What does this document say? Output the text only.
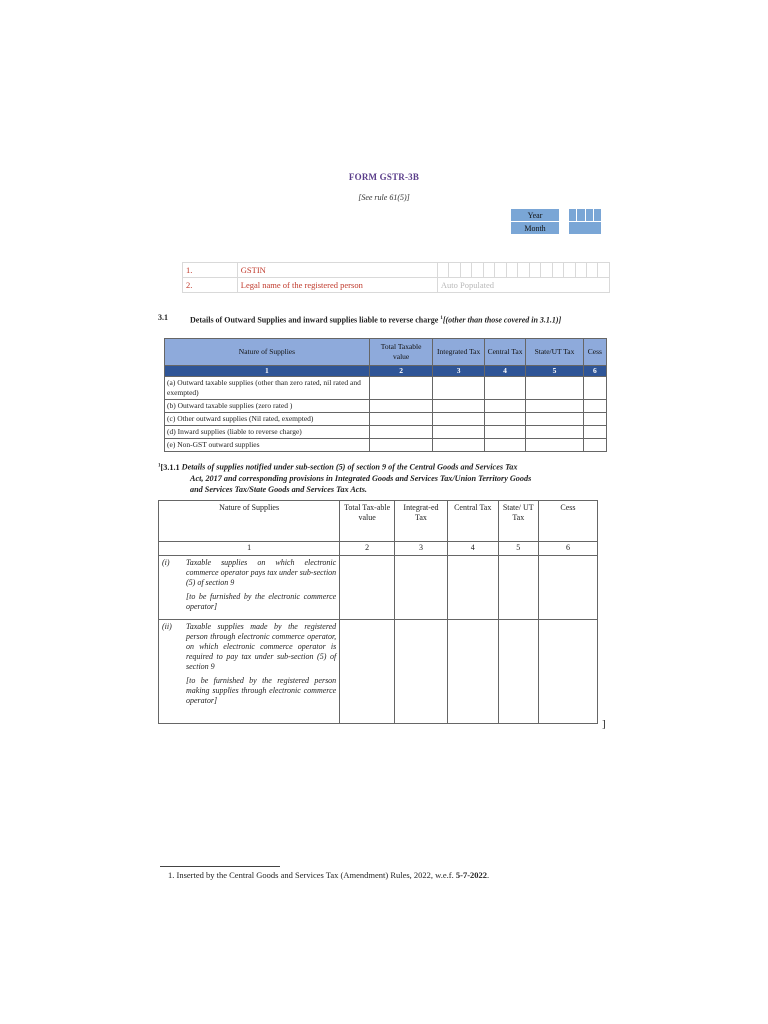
FORM GSTR-3B
[See rule 61(5)]
Year					
Month					
1.	GSTIN															
2.	Legal name of the registered person	Auto Populated														
3.1	Details of Outward Supplies and inward supplies liable to reverse charge $^1$[(other than those covered in 3.1.1)]
Nature of Supplies	Total Taxable value	Integrated Tax	Central Tax	State/UT Tax	Cess
1	2	3	4	5	6
(a) Outward taxable supplies (other than zero rated, nil rated and exempted)					
(b) Outward taxable supplies (zero rated )					
(c) Other outward supplies (Nil rated, exempted)					
(d) Inward supplies (liable to reverse charge)					
(e) Non-GST outward supplies					
$^1$[3.1.1 Details of supplies notified under sub-section (5) of section 9 of the Central Goods and Services Tax
Act, 2017 and corresponding provisions in Integrated Goods and Services Tax/Union Territory Goods
and Services Tax/State Goods and Services Tax Acts.
Nature of Supplies	Total Tax-able value	Integrat-ed Tax	Central Tax	State/ UT Tax	Cess
1	2	3	4	5	6

(i) Taxable supplies on which electronic commerce operator pays tax under sub-section (5) of section 9

[to be furnished by the electronic commerce operator]					

(ii) Taxable supplies made by the registered person through electronic commerce operator, on which electronic commerce operator is required to pay tax under sub-section (5) of section 9

[to be furnished by the registered person making supplies through electronic commerce operator]					

]
1. Inserted by the Central Goods and Services Tax (Amendment) Rules, 2022, w.e.f. 5-7-2022.
